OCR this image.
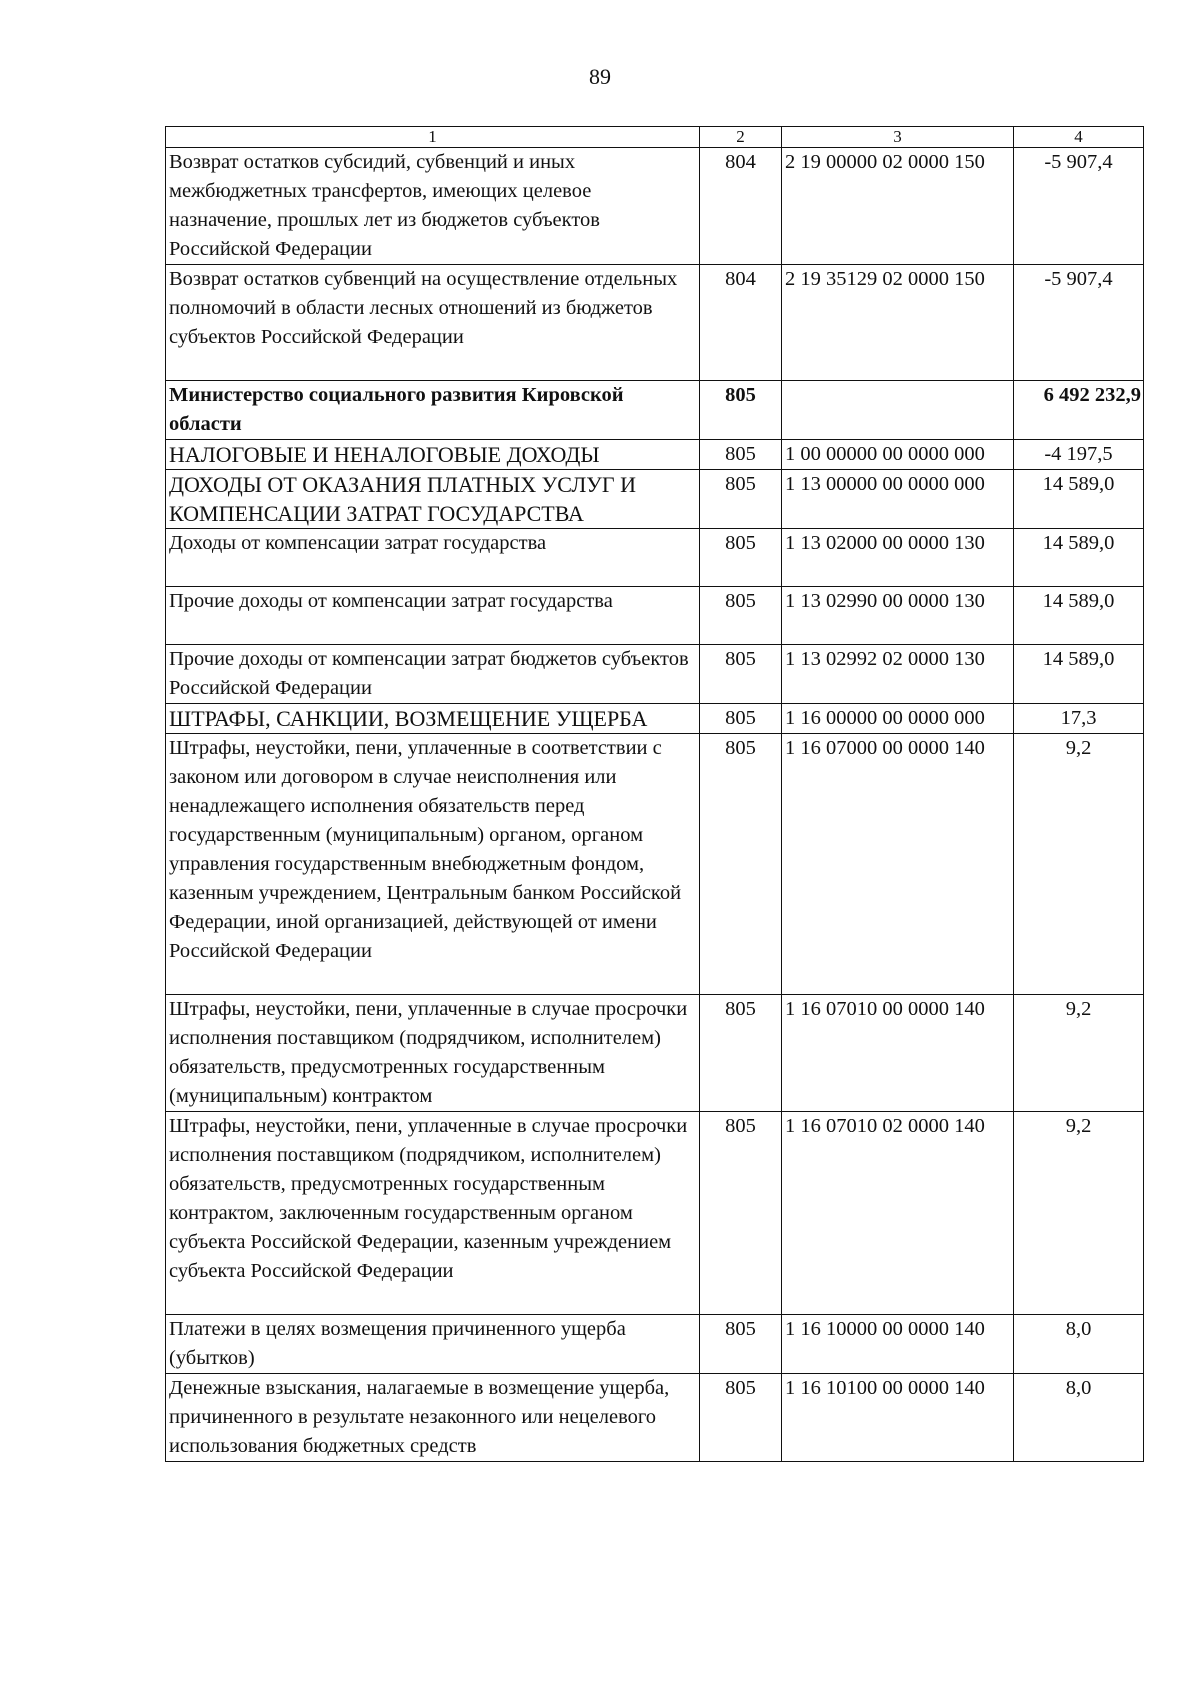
89
1	2	3	4
Возврат остатков субсидий, субвенций и иных межбюджетных трансфертов, имеющих целевое назначение, прошлых лет из бюджетов субъектов Российской Федерации	804	2 19 00000 02 0000 150	-5 907,4
Возврат остатков субвенций на осуществление отдельных полномочий в области лесных отношений из бюджетов субъектов Российской Федерации	804	2 19 35129 02 0000 150	-5 907,4
Министерство социального развития Кировской области	805		6 492 232,9
НАЛОГОВЫЕ И НЕНАЛОГОВЫЕ ДОХОДЫ	805	1 00 00000 00 0000 000	-4 197,5
ДОХОДЫ ОТ ОКАЗАНИЯ ПЛАТНЫХ УСЛУГ И КОМПЕНСАЦИИ ЗАТРАТ ГОСУДАРСТВА	805	1 13 00000 00 0000 000	14 589,0
Доходы от компенсации затрат государства	805	1 13 02000 00 0000 130	14 589,0
Прочие доходы от компенсации затрат государства	805	1 13 02990 00 0000 130	14 589,0
Прочие доходы от компенсации затрат бюджетов субъектов Российской Федерации	805	1 13 02992 02 0000 130	14 589,0
ШТРАФЫ, САНКЦИИ, ВОЗМЕЩЕНИЕ УЩЕРБА	805	1 16 00000 00 0000 000	17,3
Штрафы, неустойки, пени, уплаченные в соответствии с законом или договором в случае неисполнения или ненадлежащего исполнения обязательств перед государственным (муниципальным) органом, органом управления государственным внебюджетным фондом, казенным учреждением, Центральным банком Российской Федерации, иной организацией, действующей от имени Российской Федерации	805	1 16 07000 00 0000 140	9,2
Штрафы, неустойки, пени, уплаченные в случае просрочки исполнения поставщиком (подрядчиком, исполнителем) обязательств, предусмотренных государственным (муниципальным) контрактом	805	1 16 07010 00 0000 140	9,2
Штрафы, неустойки, пени, уплаченные в случае просрочки исполнения поставщиком (подрядчиком, исполнителем) обязательств, предусмотренных государственным контрактом, заключенным государственным органом субъекта Российской Федерации, казенным учреждением субъекта Российской Федерации	805	1 16 07010 02 0000 140	9,2
Платежи в целях возмещения причиненного ущерба (убытков)	805	1 16 10000 00 0000 140	8,0
Денежные взыскания, налагаемые в возмещение ущерба, причиненного в результате незаконного или нецелевого использования бюджетных средств	805	1 16 10100 00 0000 140	8,0
